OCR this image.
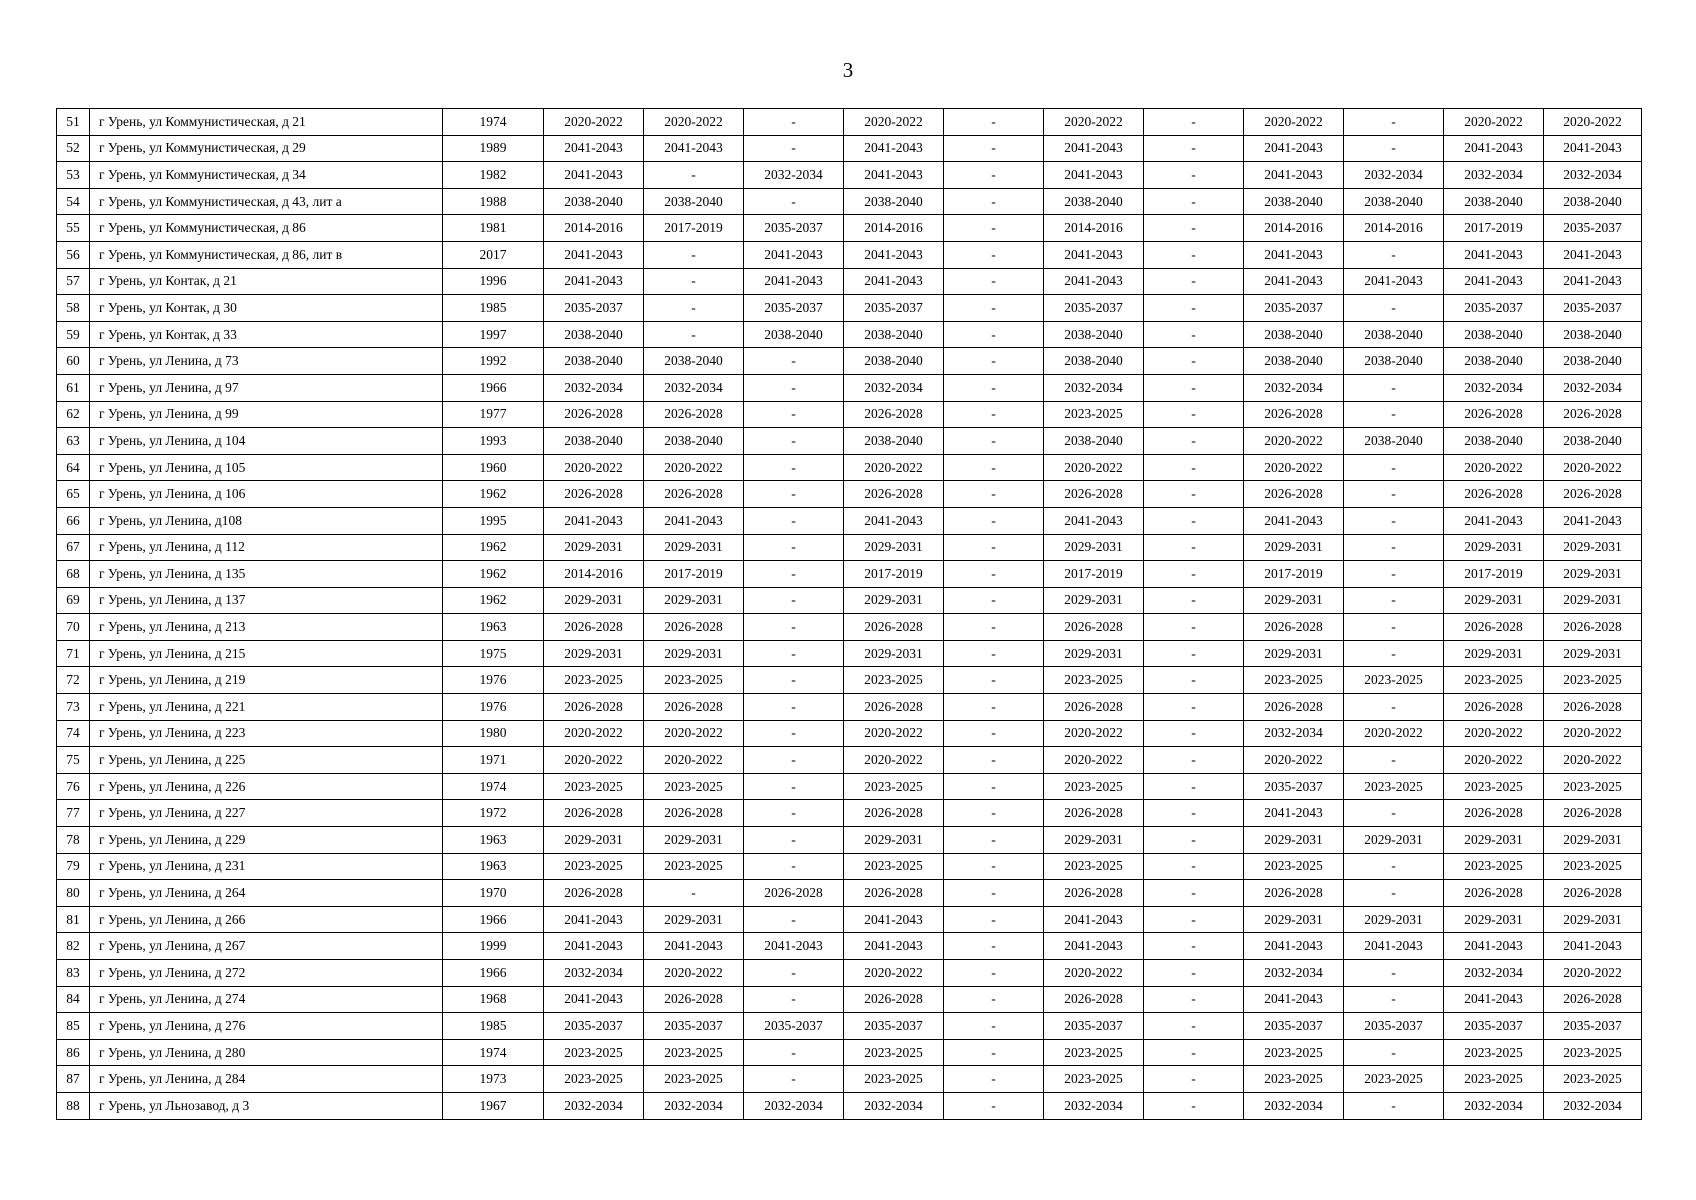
3
51	г Урень, ул Коммунистическая, д 21	1974	2020-2022	2020-2022	-	2020-2022	-	2020-2022	-	2020-2022	-	2020-2022	2020-2022
52	г Урень, ул Коммунистическая, д 29	1989	2041-2043	2041-2043	-	2041-2043	-	2041-2043	-	2041-2043	-	2041-2043	2041-2043
53	г Урень, ул Коммунистическая, д 34	1982	2041-2043	-	2032-2034	2041-2043	-	2041-2043	-	2041-2043	2032-2034	2032-2034	2032-2034
54	г Урень, ул Коммунистическая, д 43, лит а	1988	2038-2040	2038-2040	-	2038-2040	-	2038-2040	-	2038-2040	2038-2040	2038-2040	2038-2040
55	г Урень, ул Коммунистическая, д 86	1981	2014-2016	2017-2019	2035-2037	2014-2016	-	2014-2016	-	2014-2016	2014-2016	2017-2019	2035-2037
56	г Урень, ул Коммунистическая, д 86, лит в	2017	2041-2043	-	2041-2043	2041-2043	-	2041-2043	-	2041-2043	-	2041-2043	2041-2043
57	г Урень, ул Контак, д 21	1996	2041-2043	-	2041-2043	2041-2043	-	2041-2043	-	2041-2043	2041-2043	2041-2043	2041-2043
58	г Урень, ул Контак, д 30	1985	2035-2037	-	2035-2037	2035-2037	-	2035-2037	-	2035-2037	-	2035-2037	2035-2037
59	г Урень, ул Контак, д 33	1997	2038-2040	-	2038-2040	2038-2040	-	2038-2040	-	2038-2040	2038-2040	2038-2040	2038-2040
60	г Урень, ул Ленина, д 73	1992	2038-2040	2038-2040	-	2038-2040	-	2038-2040	-	2038-2040	2038-2040	2038-2040	2038-2040
61	г Урень, ул Ленина, д 97	1966	2032-2034	2032-2034	-	2032-2034	-	2032-2034	-	2032-2034	-	2032-2034	2032-2034
62	г Урень, ул Ленина, д 99	1977	2026-2028	2026-2028	-	2026-2028	-	2023-2025	-	2026-2028	-	2026-2028	2026-2028
63	г Урень, ул Ленина, д 104	1993	2038-2040	2038-2040	-	2038-2040	-	2038-2040	-	2020-2022	2038-2040	2038-2040	2038-2040
64	г Урень, ул Ленина, д 105	1960	2020-2022	2020-2022	-	2020-2022	-	2020-2022	-	2020-2022	-	2020-2022	2020-2022
65	г Урень, ул Ленина, д 106	1962	2026-2028	2026-2028	-	2026-2028	-	2026-2028	-	2026-2028	-	2026-2028	2026-2028
66	г Урень, ул Ленина, д108	1995	2041-2043	2041-2043	-	2041-2043	-	2041-2043	-	2041-2043	-	2041-2043	2041-2043
67	г Урень, ул Ленина, д 112	1962	2029-2031	2029-2031	-	2029-2031	-	2029-2031	-	2029-2031	-	2029-2031	2029-2031
68	г Урень, ул Ленина, д 135	1962	2014-2016	2017-2019	-	2017-2019	-	2017-2019	-	2017-2019	-	2017-2019	2029-2031
69	г Урень, ул Ленина, д 137	1962	2029-2031	2029-2031	-	2029-2031	-	2029-2031	-	2029-2031	-	2029-2031	2029-2031
70	г Урень, ул Ленина, д 213	1963	2026-2028	2026-2028	-	2026-2028	-	2026-2028	-	2026-2028	-	2026-2028	2026-2028
71	г Урень, ул Ленина, д 215	1975	2029-2031	2029-2031	-	2029-2031	-	2029-2031	-	2029-2031	-	2029-2031	2029-2031
72	г Урень, ул Ленина, д 219	1976	2023-2025	2023-2025	-	2023-2025	-	2023-2025	-	2023-2025	2023-2025	2023-2025	2023-2025
73	г Урень, ул Ленина, д 221	1976	2026-2028	2026-2028	-	2026-2028	-	2026-2028	-	2026-2028	-	2026-2028	2026-2028
74	г Урень, ул Ленина, д 223	1980	2020-2022	2020-2022	-	2020-2022	-	2020-2022	-	2032-2034	2020-2022	2020-2022	2020-2022
75	г Урень, ул Ленина, д 225	1971	2020-2022	2020-2022	-	2020-2022	-	2020-2022	-	2020-2022	-	2020-2022	2020-2022
76	г Урень, ул Ленина, д 226	1974	2023-2025	2023-2025	-	2023-2025	-	2023-2025	-	2035-2037	2023-2025	2023-2025	2023-2025
77	г Урень, ул Ленина, д 227	1972	2026-2028	2026-2028	-	2026-2028	-	2026-2028	-	2041-2043	-	2026-2028	2026-2028
78	г Урень, ул Ленина, д 229	1963	2029-2031	2029-2031	-	2029-2031	-	2029-2031	-	2029-2031	2029-2031	2029-2031	2029-2031
79	г Урень, ул Ленина, д 231	1963	2023-2025	2023-2025	-	2023-2025	-	2023-2025	-	2023-2025	-	2023-2025	2023-2025
80	г Урень, ул Ленина, д 264	1970	2026-2028	-	2026-2028	2026-2028	-	2026-2028	-	2026-2028	-	2026-2028	2026-2028
81	г Урень, ул Ленина, д 266	1966	2041-2043	2029-2031	-	2041-2043	-	2041-2043	-	2029-2031	2029-2031	2029-2031	2029-2031
82	г Урень, ул Ленина, д 267	1999	2041-2043	2041-2043	2041-2043	2041-2043	-	2041-2043	-	2041-2043	2041-2043	2041-2043	2041-2043
83	г Урень, ул Ленина, д 272	1966	2032-2034	2020-2022	-	2020-2022	-	2020-2022	-	2032-2034	-	2032-2034	2020-2022
84	г Урень, ул Ленина, д 274	1968	2041-2043	2026-2028	-	2026-2028	-	2026-2028	-	2041-2043	-	2041-2043	2026-2028
85	г Урень, ул Ленина, д 276	1985	2035-2037	2035-2037	2035-2037	2035-2037	-	2035-2037	-	2035-2037	2035-2037	2035-2037	2035-2037
86	г Урень, ул Ленина, д 280	1974	2023-2025	2023-2025	-	2023-2025	-	2023-2025	-	2023-2025	-	2023-2025	2023-2025
87	г Урень, ул Ленина, д 284	1973	2023-2025	2023-2025	-	2023-2025	-	2023-2025	-	2023-2025	2023-2025	2023-2025	2023-2025
88	г Урень, ул Льнозавод, д 3	1967	2032-2034	2032-2034	2032-2034	2032-2034	-	2032-2034	-	2032-2034	-	2032-2034	2032-2034
